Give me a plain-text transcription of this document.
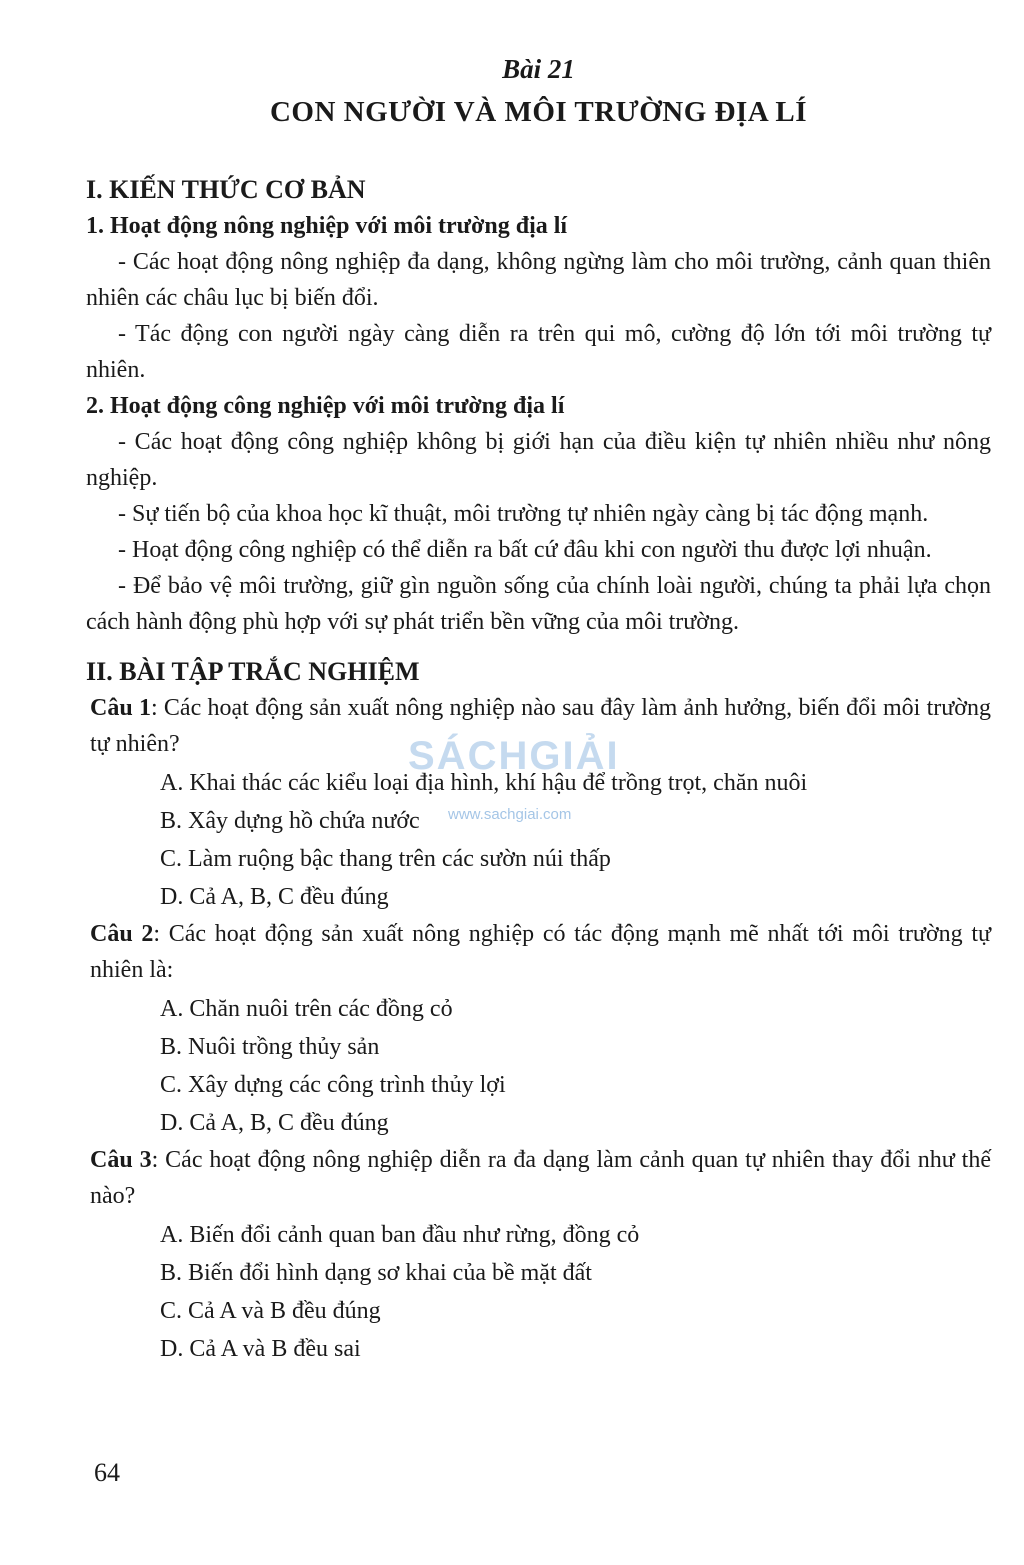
Bài 21

CON NGƯỜI VÀ MÔI TRƯỜNG ĐỊA LÍ

I. KIẾN THỨC CƠ BẢN

1. Hoạt động nông nghiệp với môi trường địa lí

- Các hoạt động nông nghiệp đa dạng, không ngừng làm cho môi trường, cảnh quan thiên nhiên các châu lục bị biến đổi.

- Tác động con người ngày càng diễn ra trên qui mô, cường độ lớn tới môi trường tự nhiên.

2. Hoạt động công nghiệp với môi trường địa lí

- Các hoạt động công nghiệp không bị giới hạn của điều kiện tự nhiên nhiều như nông nghiệp.

- Sự tiến bộ của khoa học kĩ thuật, môi trường tự nhiên ngày càng bị tác động mạnh.

- Hoạt động công nghiệp có thể diễn ra bất cứ đâu khi con người thu được lợi nhuận.

- Để bảo vệ môi trường, giữ gìn nguồn sống của chính loài người, chúng ta phải lựa chọn cách hành động phù hợp với sự phát triển bền vững của môi trường.

II. BÀI TẬP TRẮC NGHIỆM

Câu 1: Các hoạt động sản xuất nông nghiệp nào sau đây làm ảnh hưởng, biến đổi môi trường tự nhiên?

A. Khai thác các kiểu loại địa hình, khí hậu để trồng trọt, chăn nuôi
B. Xây dựng hồ chứa nước
C. Làm ruộng bậc thang trên các sườn núi thấp
D. Cả A, B, C đều đúng

Câu 2: Các hoạt động sản xuất nông nghiệp có tác động mạnh mẽ nhất tới môi trường tự nhiên là:

A. Chăn nuôi trên các đồng cỏ
B. Nuôi trồng thủy sản
C. Xây dựng các công trình thủy lợi
D. Cả A, B, C đều đúng

Câu 3: Các hoạt động nông nghiệp diễn ra đa dạng làm cảnh quan tự nhiên thay đổi như thế nào?

A. Biến đổi cảnh quan ban đầu như rừng, đồng cỏ
B. Biến đổi hình dạng sơ khai của bề mặt đất
C. Cả A và B đều đúng
D. Cả A và B đều sai
SÁCHGIẢI
www.sachgiai.com
64
